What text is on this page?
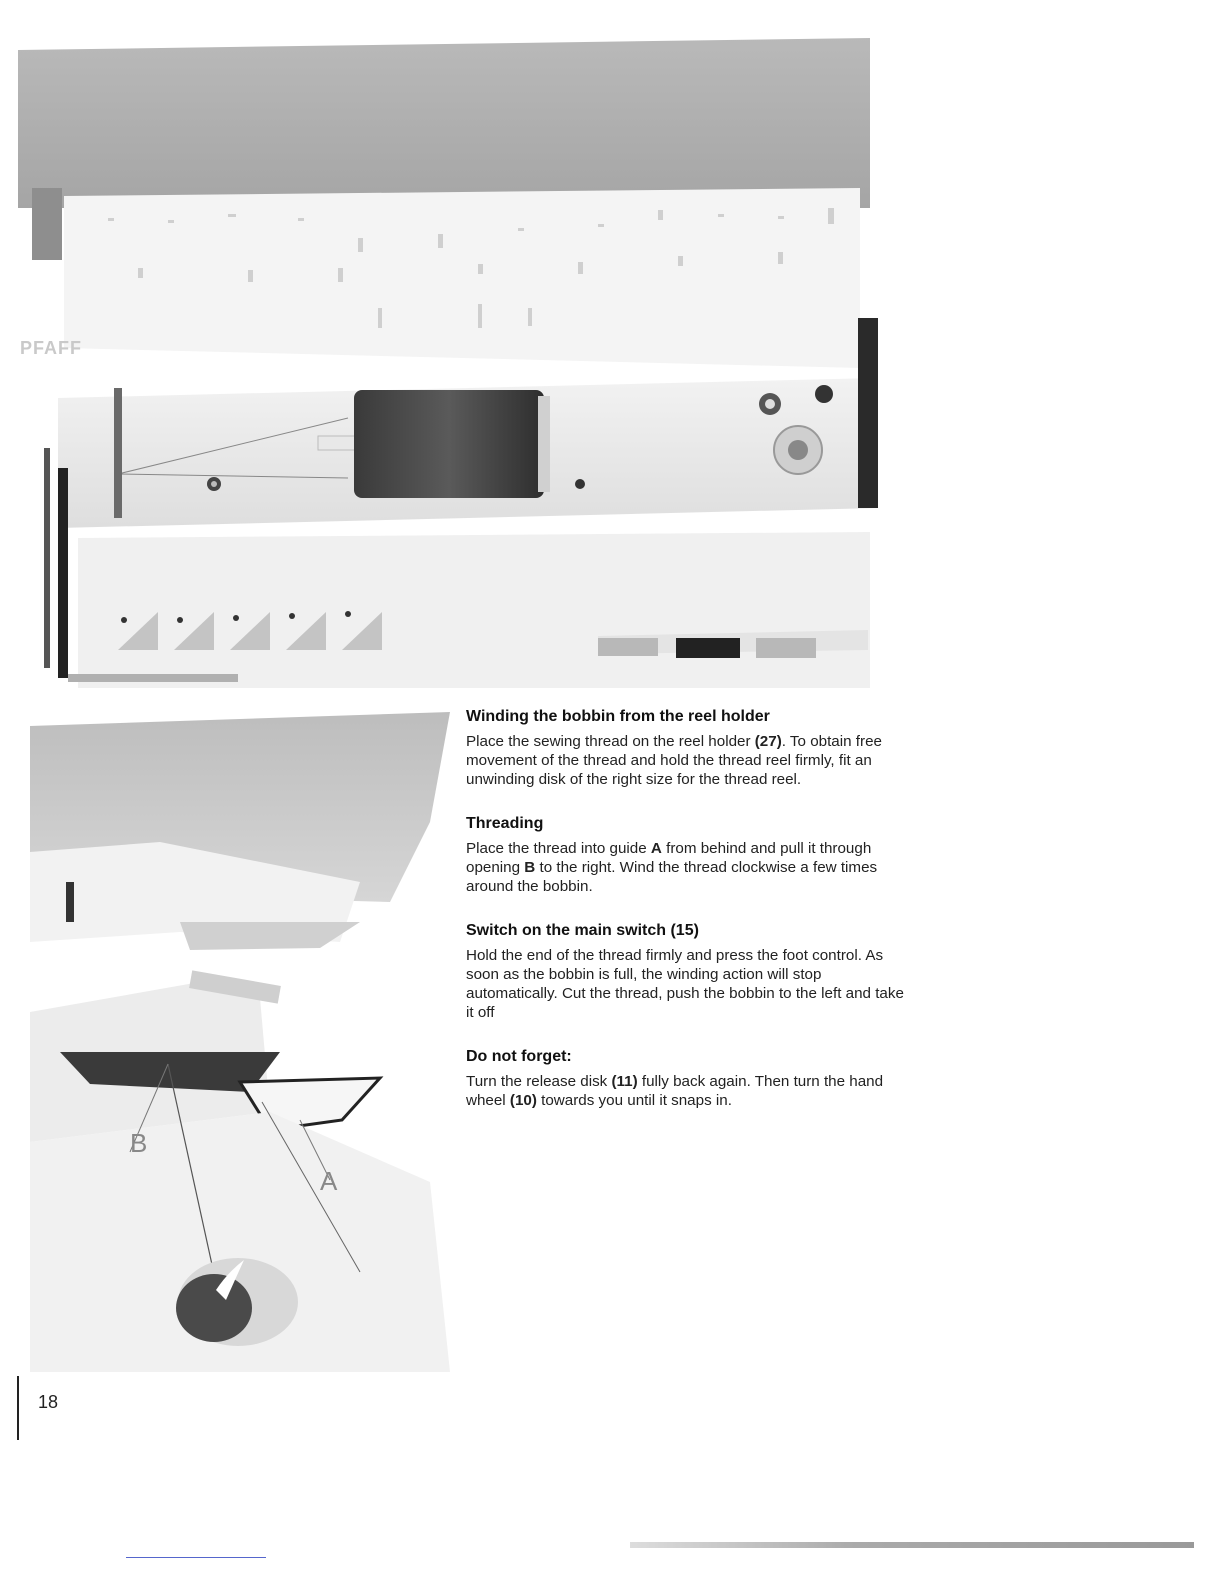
PFAFF
B
A
Winding the bobbin from the reel holder

Place the sewing thread on the reel holder (27). To obtain free movement of the thread and hold the thread reel firmly, fit an unwinding disk of the right size for the thread reel.

Threading

Place the thread into guide A from behind and pull it through opening B to the right. Wind the thread clockwise a few times around the bobbin.

Switch on the main switch (15)

Hold the end of the thread firmly and press the foot control. As soon as the bobbin is full, the winding action will stop automatically. Cut the thread, push the bobbin to the left and take it off

Do not forget:

Turn the release disk (11) fully back again. Then turn the hand wheel (10) towards you until it snaps in.

18
